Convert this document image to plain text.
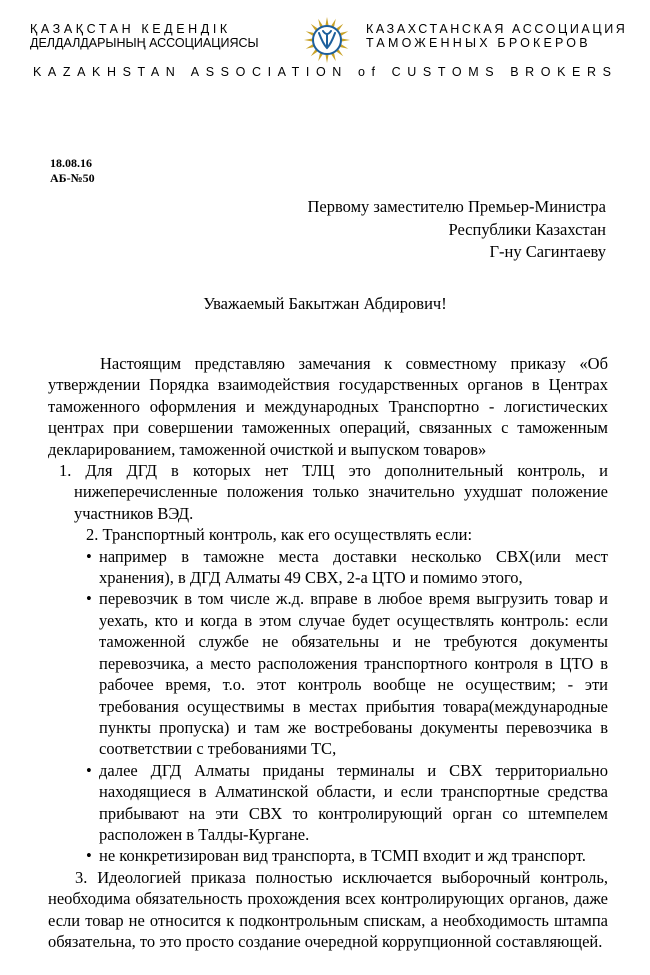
ҚАЗАҚСТАН КЕДЕНДІК
ДЕЛДАЛДАРЫНЫҢ АССОЦИАЦИЯСЫ
КАЗАХСТАНСКАЯ АССОЦИАЦИЯ
ТАМОЖЕННЫХ БРОКЕРОВ
KAZAKHSTAN ASSOCIATION of CUSTOMS BROKERS
18.08.16
АБ-№50
Первому заместителю Премьер-Министра
Республики Казахстан
Г-ну Сагинтаеву
Уважаемый Бакытжан Абдирович!

Настоящим представляю замечания к совместному приказу «Об утверждении Порядка взаимодействия государственных органов в Центрах таможенного оформления и международных Транспортно - логистических центрах при совершении таможенных операций, связанных с таможенным декларированием, таможенной очисткой и выпуском товаров»

1. Для ДГД в которых нет ТЛЦ это дополнительный контроль, и нижеперечисленные положения только значительно ухудшат положение участников ВЭД.

2. Транспортный контроль, как его осуществлять если:

• например в таможне места доставки несколько СВХ(или мест хранения), в ДГД Алматы 49 СВХ, 2-а ЦТО и помимо этого,
• перевозчик в том числе ж.д. вправе в любое время выгрузить товар и уехать, кто и когда в этом случае будет осуществлять контроль: если таможенной службе не обязательны и не требуются документы перевозчика, а место расположения транспортного контроля в ЦТО в рабочее время, т.о. этот контроль вообще не осуществим; - эти требования осуществимы в местах прибытия товара(международные пункты пропуска) и там же востребованы документы перевозчика в соответствии с требованиями ТС,
• далее ДГД Алматы приданы терминалы и СВХ территориально находящиеся в Алматинской области, и если транспортные средства прибывают на эти СВХ то контролирующий орган со штемпелем расположен в Талды-Кургане.
• не конкретизирован вид транспорта, в ТСМП входит и жд транспорт.

3. Идеологией приказа полностью исключается выборочный контроль, необходима обязательность прохождения всех контролирующих органов, даже если товар не относится к подконтрольным спискам, а необходимость штампа обязательна, то это просто создание очередной коррупционной составляющей.
